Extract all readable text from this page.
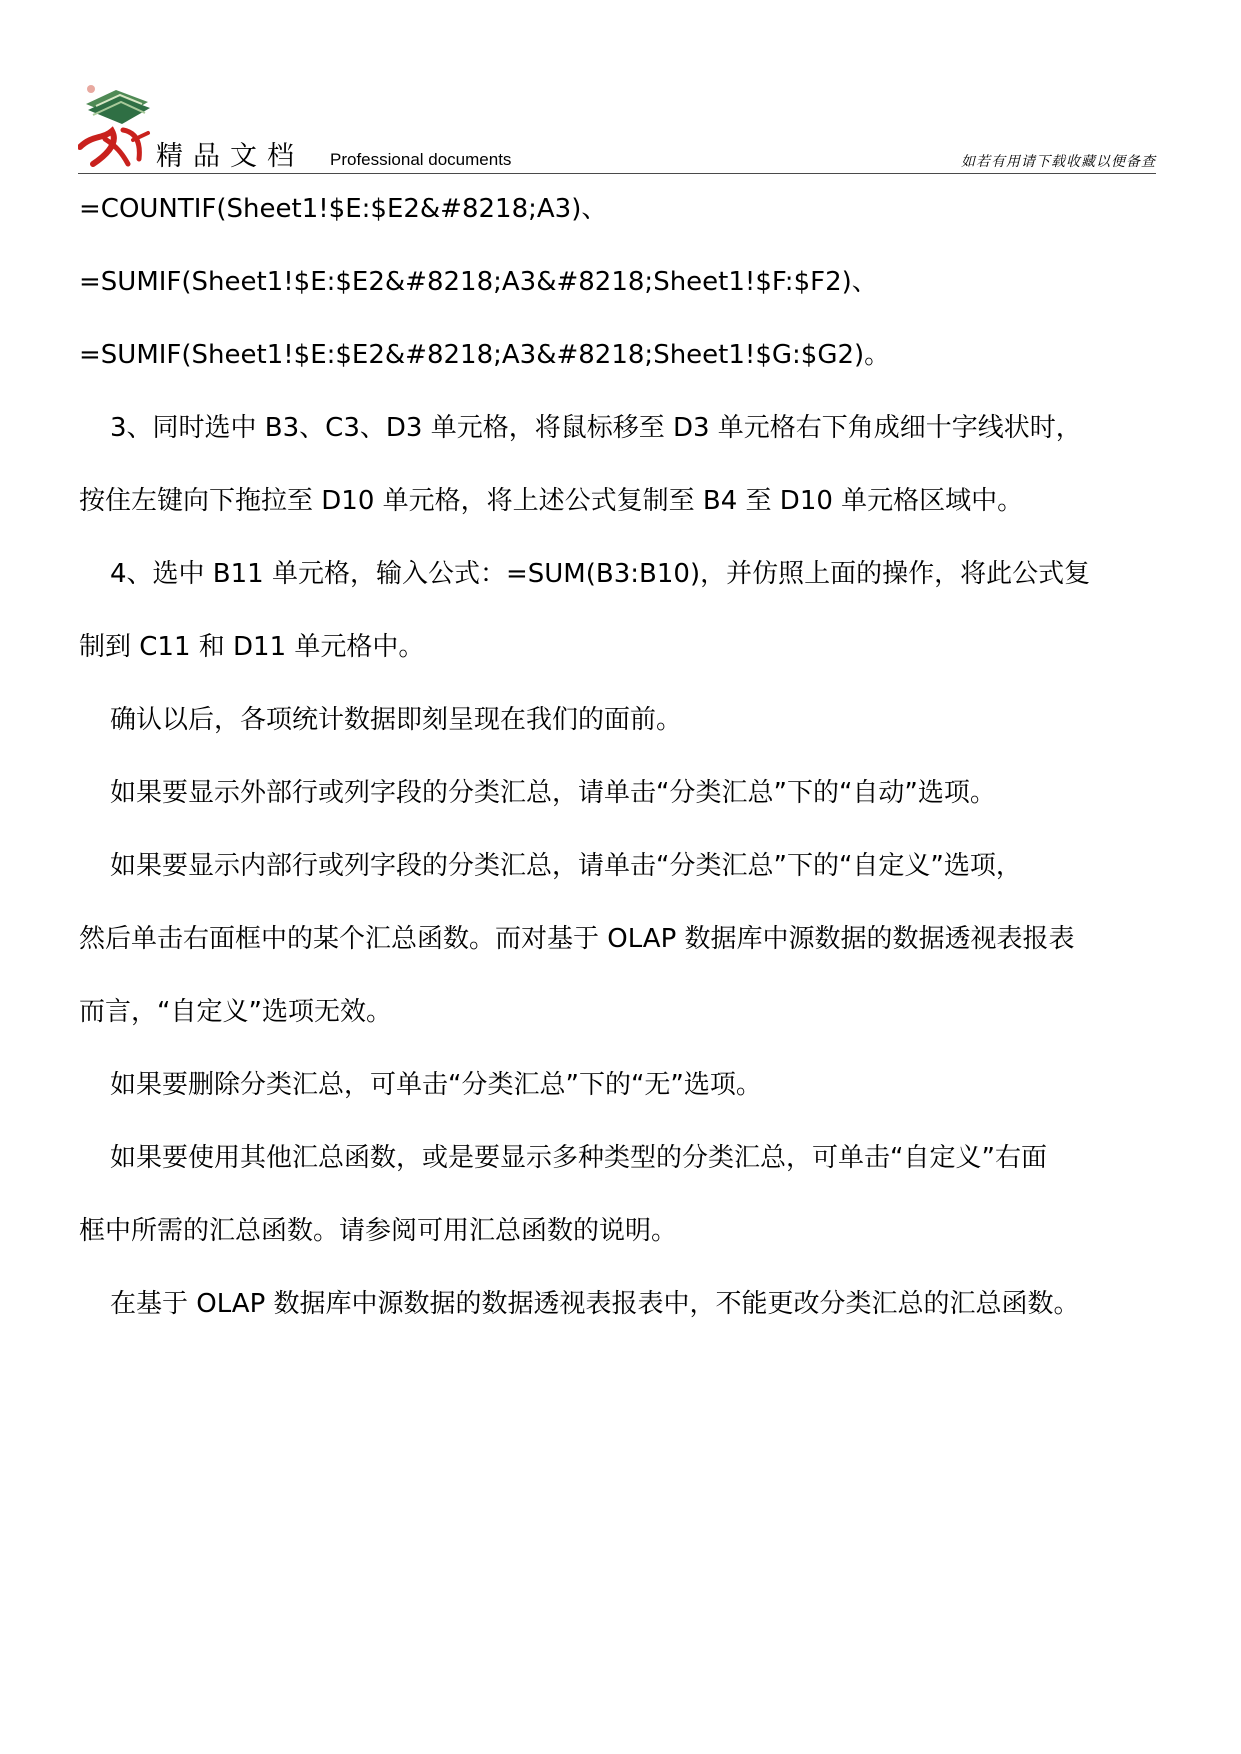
精品文档 Professional documents	如若有用请下载收藏以便备查
=COUNTIF(Sheet1!$E:$E2&#8218;A3)、
=SUMIF(Sheet1!$E:$E2&#8218;A3&#8218;Sheet1!$F:$F2)、
=SUMIF(Sheet1!$E:$E2&#8218;A3&#8218;Sheet1!$G:$G2)。
3、同时选中 B3、C3、D3 单元格，将鼠标移至 D3 单元格右下角成细十字线状时，
按住左键向下拖拉至 D10 单元格，将上述公式复制至 B4 至 D10 单元格区域中。
4、选中 B11 单元格，输入公式：=SUM(B3:B10)，并仿照上面的操作，将此公式复
制到 C11 和 D11 单元格中。
确认以后，各项统计数据即刻呈现在我们的面前。
如果要显示外部行或列字段的分类汇总，请单击“分类汇总”下的“自动”选项。
如果要显示内部行或列字段的分类汇总，请单击“分类汇总”下的“自定义”选项，
然后单击右面框中的某个汇总函数。而对基于 OLAP 数据库中源数据的数据透视表报表
而言，“自定义”选项无效。
如果要删除分类汇总，可单击“分类汇总”下的“无”选项。
如果要使用其他汇总函数，或是要显示多种类型的分类汇总，可单击“自定义”右面
框中所需的汇总函数。请参阅可用汇总函数的说明。
在基于 OLAP 数据库中源数据的数据透视表报表中，不能更改分类汇总的汇总函数。
